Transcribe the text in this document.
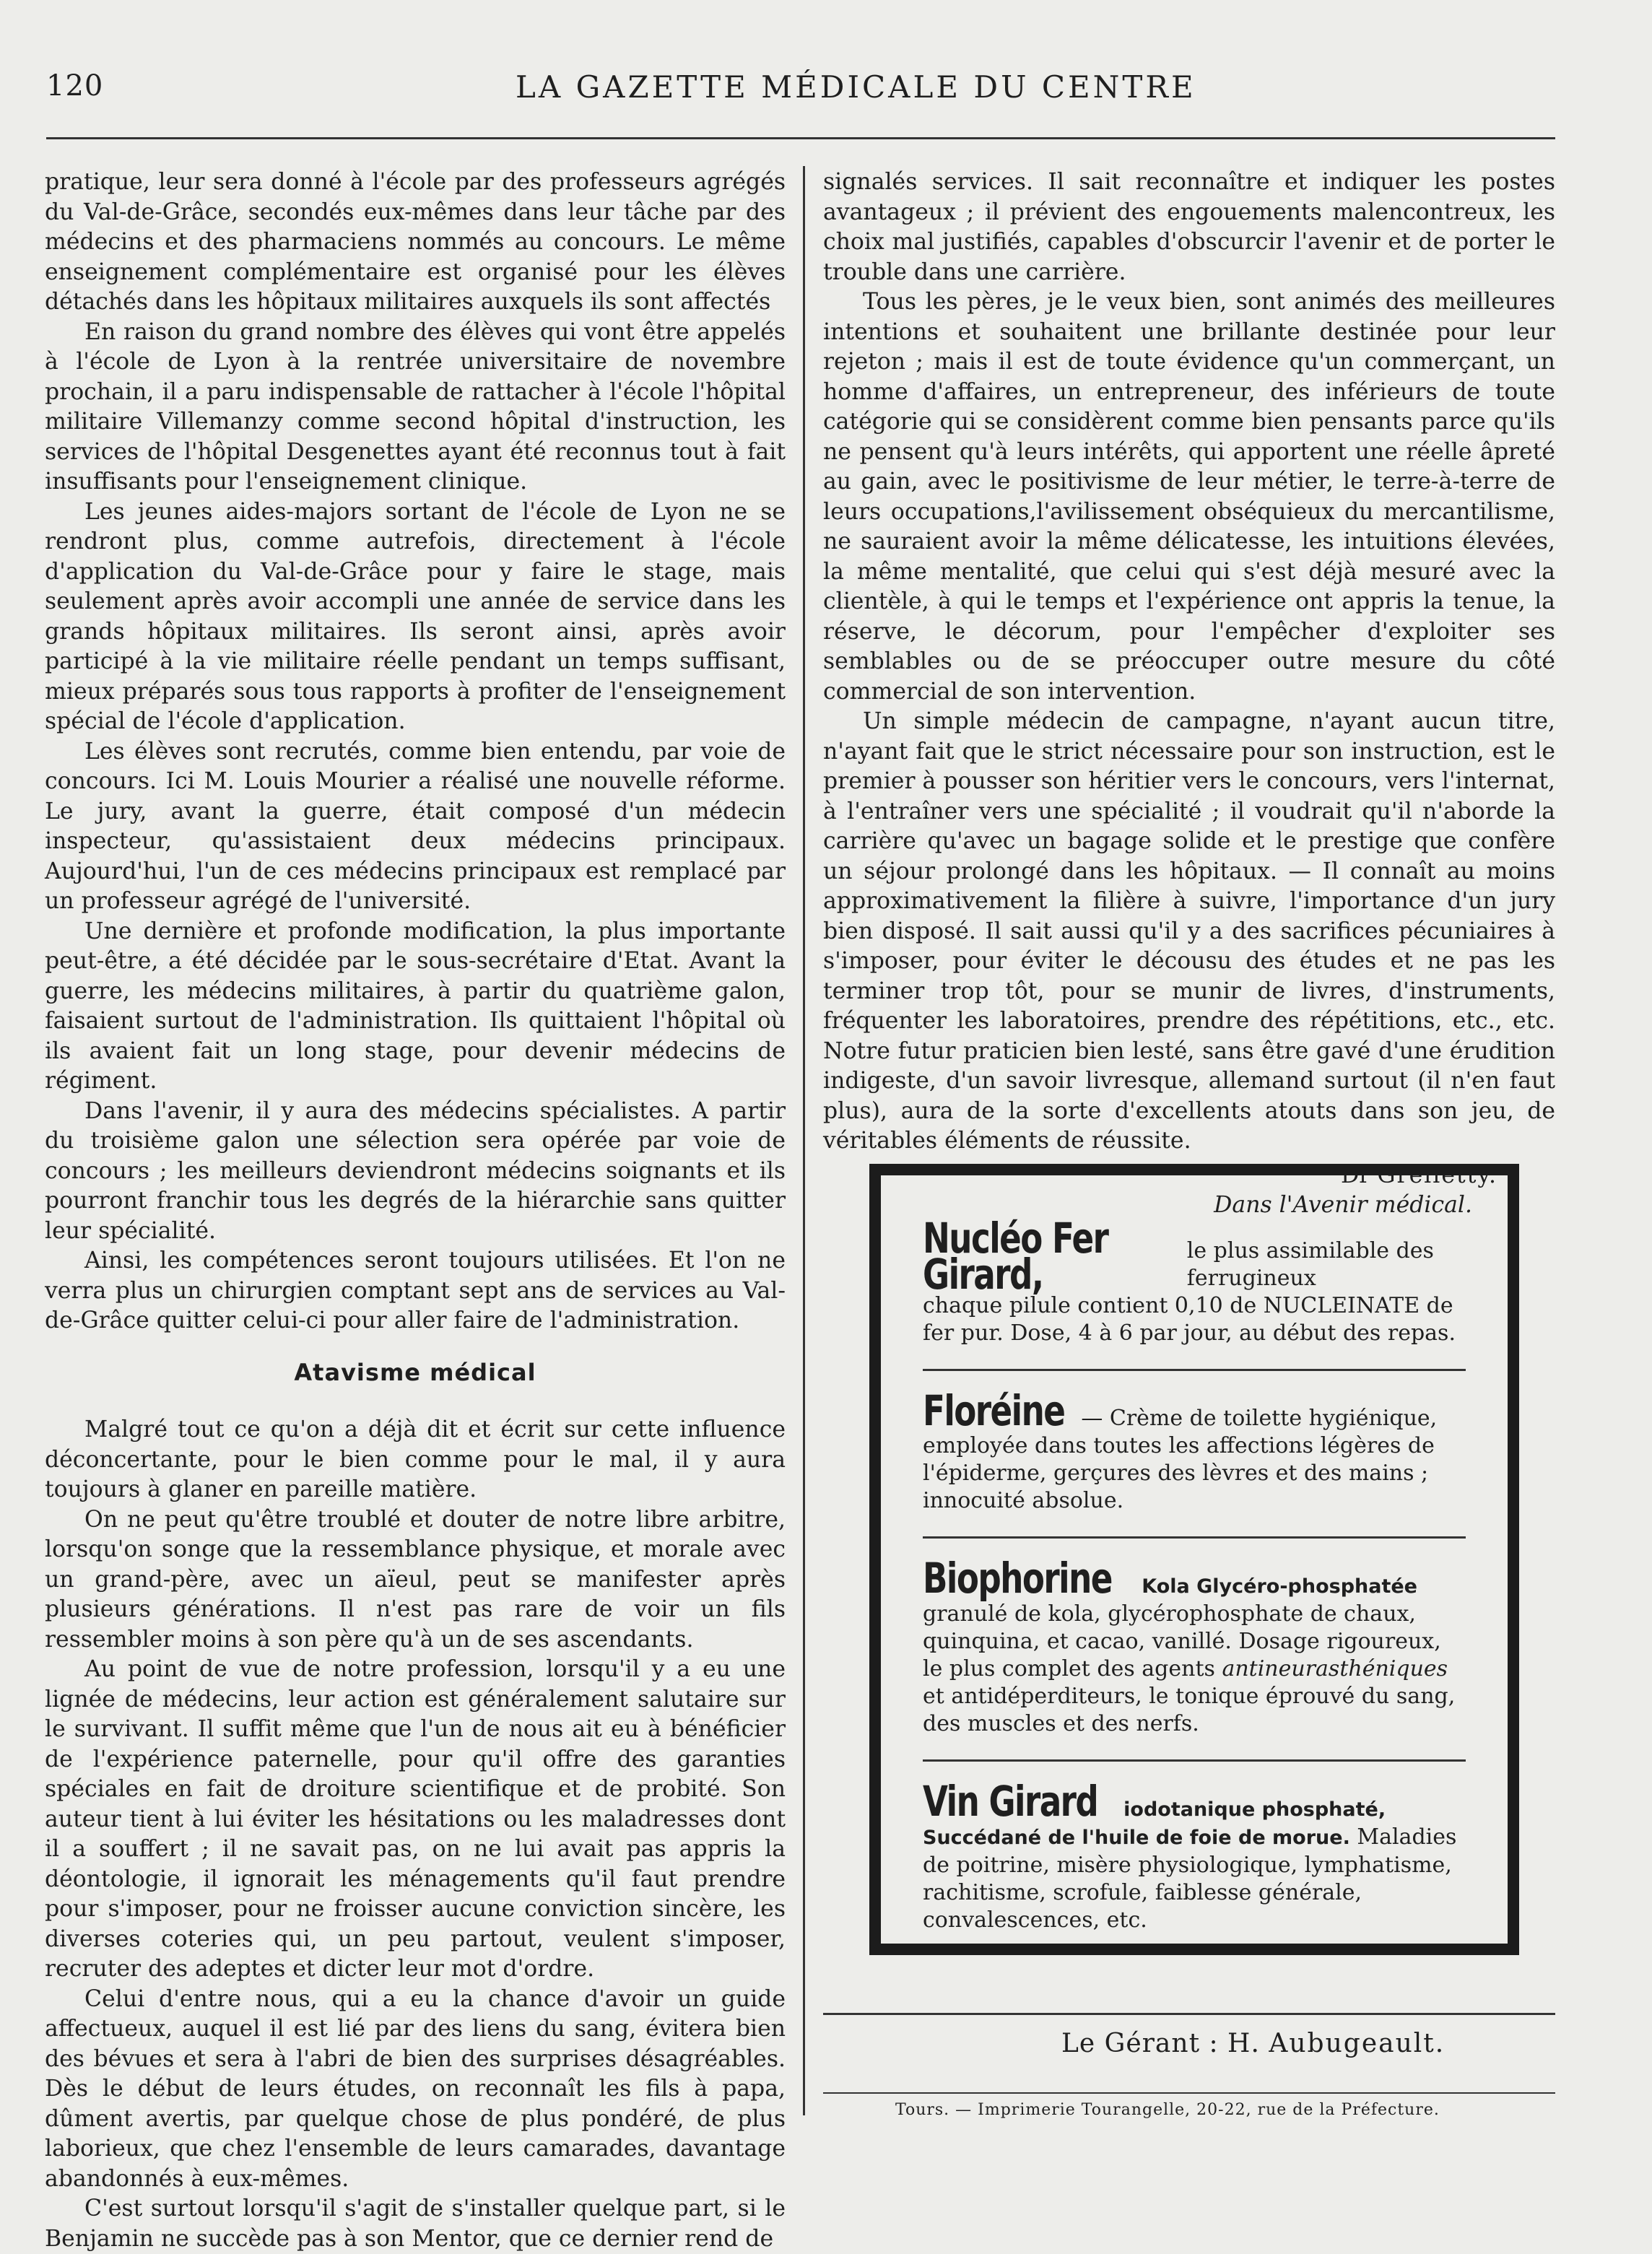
120	LA GAZETTE MÉDICALE DU CENTRE

pratique, leur sera donné à l'école par des professeurs agrégés du Val-de-Grâce, secondés eux-mêmes dans leur tâche par des médecins et des pharmaciens nommés au concours. Le même enseignement complémentaire est organisé pour les élèves détachés dans les hôpitaux militaires auxquels ils sont affectés

En raison du grand nombre des élèves qui vont être appelés à l'école de Lyon à la rentrée universitaire de novembre prochain, il a paru indispensable de rattacher à l'école l'hôpital militaire Villemanzy comme second hôpital d'instruction, les services de l'hôpital Desgenettes ayant été reconnus tout à fait insuffisants pour l'enseignement clinique.

Les jeunes aides-majors sortant de l'école de Lyon ne se rendront plus, comme autrefois, directement à l'école d'application du Val-de-Grâce pour y faire le stage, mais seulement après avoir accompli une année de service dans les grands hôpitaux militaires. Ils seront ainsi, après avoir participé à la vie militaire réelle pendant un temps suffisant, mieux préparés sous tous rapports à profiter de l'enseignement spécial de l'école d'application.

Les élèves sont recrutés, comme bien entendu, par voie de concours. Ici M. Louis Mourier a réalisé une nouvelle réforme. Le jury, avant la guerre, était composé d'un médecin inspecteur, qu'assistaient deux médecins principaux. Aujourd'hui, l'un de ces médecins principaux est remplacé par un professeur agrégé de l'université.

Une dernière et profonde modification, la plus importante peut-être, a été décidée par le sous-secrétaire d'Etat. Avant la guerre, les médecins militaires, à partir du quatrième galon, faisaient surtout de l'administration. Ils quittaient l'hôpital où ils avaient fait un long stage, pour devenir médecins de régiment.

Dans l'avenir, il y aura des médecins spécialistes. A partir du troisième galon une sélection sera opérée par voie de concours ; les meilleurs deviendront médecins soignants et ils pourront franchir tous les degrés de la hiérarchie sans quitter leur spécialité.

Ainsi, les compétences seront toujours utilisées. Et l'on ne verra plus un chirurgien comptant sept ans de services au Val-de-Grâce quitter celui-ci pour aller faire de l'administration.

Atavisme médical

Malgré tout ce qu'on a déjà dit et écrit sur cette influence déconcertante, pour le bien comme pour le mal, il y aura toujours à glaner en pareille matière.

On ne peut qu'être troublé et douter de notre libre arbitre, lorsqu'on songe que la ressemblance physique, et morale avec un grand-père, avec un aïeul, peut se manifester après plusieurs générations. Il n'est pas rare de voir un fils ressembler moins à son père qu'à un de ses ascendants.

Au point de vue de notre profession, lorsqu'il y a eu une lignée de médecins, leur action est généralement salutaire sur le survivant. Il suffit même que l'un de nous ait eu à bénéficier de l'expérience paternelle, pour qu'il offre des garanties spéciales en fait de droiture scientifique et de probité. Son auteur tient à lui éviter les hésitations ou les maladresses dont il a souffert ; il ne savait pas, on ne lui avait pas appris la déontologie, il ignorait les ménagements qu'il faut prendre pour s'imposer, pour ne froisser aucune conviction sincère, les diverses coteries qui, un peu partout, veulent s'imposer, recruter des adeptes et dicter leur mot d'ordre.

Celui d'entre nous, qui a eu la chance d'avoir un guide affectueux, auquel il est lié par des liens du sang, évitera bien des bévues et sera à l'abri de bien des surprises désagréables. Dès le début de leurs études, on reconnaît les fils à papa, dûment avertis, par quelque chose de plus pondéré, de plus laborieux, que chez l'ensemble de leurs camarades, davantage abandonnés à eux-mêmes.

C'est surtout lorsqu'il s'agit de s'installer quelque part, si le Benjamin ne succède pas à son Mentor, que ce dernier rend de

signalés services. Il sait reconnaître et indiquer les postes avantageux ; il prévient des engouements malencontreux, les choix mal justifiés, capables d'obscurcir l'avenir et de porter le trouble dans une carrière.

Tous les pères, je le veux bien, sont animés des meilleures intentions et souhaitent une brillante destinée pour leur rejeton ; mais il est de toute évidence qu'un commerçant, un homme d'affaires, un entrepreneur, des inférieurs de toute catégorie qui se considèrent comme bien pensants parce qu'ils ne pensent qu'à leurs intérêts, qui apportent une réelle âpreté au gain, avec le positivisme de leur métier, le terre-à-terre de leurs occupations,l'avilissement obséquieux du mercantilisme, ne sauraient avoir la même délicatesse, les intuitions élevées, la même mentalité, que celui qui s'est déjà mesuré avec la clientèle, à qui le temps et l'expérience ont appris la tenue, la réserve, le décorum, pour l'empêcher d'exploiter ses semblables ou de se préoccuper outre mesure du côté commercial de son intervention.

Un simple médecin de campagne, n'ayant aucun titre, n'ayant fait que le strict nécessaire pour son instruction, est le premier à pousser son héritier vers le concours, vers l'internat, à l'entraîner vers une spécialité ; il voudrait qu'il n'aborde la carrière qu'avec un bagage solide et le prestige que confère un séjour prolongé dans les hôpitaux. — Il connaît au moins approximativement la filière à suivre, l'importance d'un jury bien disposé. Il sait aussi qu'il y a des sacrifices pécuniaires à s'imposer, pour éviter le décousu des études et ne pas les terminer trop tôt, pour se munir de livres, d'instruments, fréquenter les laboratoires, prendre des répétitions, etc., etc. Notre futur praticien bien lesté, sans être gavé d'une érudition indigeste, d'un savoir livresque, allemand surtout (il n'en faut plus), aura de la sorte d'excellents atouts dans son jeu, de véritables éléments de réussite.

Dr Grelletty.
Dans l'Avenir médical.
Nucléo Fer Girard,	le plus assimilable des ferrugineux
chaque pilule contient 0,10 de NUCLEINATE de fer pur. Dose, 4 à 6 par jour, au début des repas.
Floréine — Crème de toilette hygiénique, employée dans toutes les affections légères de l'épiderme, gerçures des lèvres et des mains ; innocuité absolue.
Biophorine Kola Glycéro-phosphatée granulé de kola, glycérophosphate de chaux, quinquina, et cacao, vanillé. Dosage rigoureux, le plus complet des agents antineurasthéniques et antidéperditeurs, le tonique éprouvé du sang, des muscles et des nerfs.
Vin Girard iodotanique phosphaté, Succédané de l'huile de foie de morue. Maladies de poitrine, misère physiologique, lymphatisme, rachitisme, scrofule, faiblesse générale, convalescences, etc.
Le Gérant : H. Aubugeault.
Tours. — Imprimerie Tourangelle, 20-22, rue de la Préfecture.
